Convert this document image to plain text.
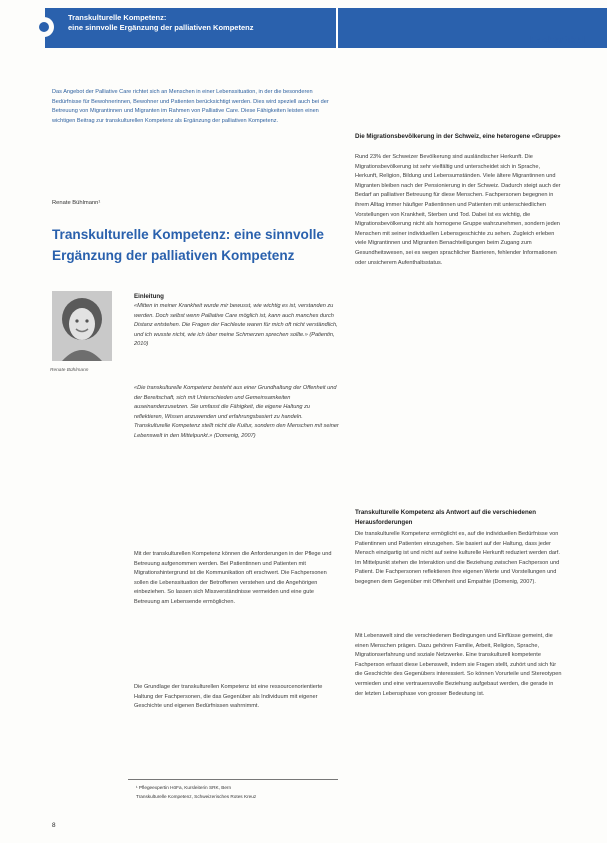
Transkulturelle Kompetenz:
eine sinnvolle Ergänzung der palliativen Kompetenz
Fachartikel
Das Angebot der Palliative Care richtet sich an Menschen in einer Lebenssituation, in der die besonderen Bedürfnisse für Bewohnerinnen, Bewohner und Patienten berücksichtigt werden. Dies wird speziell auch bei der Betreuung von Migrantinnen und Migranten im Rahmen von Palliative Care. Diese Fähigkeiten leisten einen wichtigen Beitrag zur transkulturellen Kompetenz als Ergänzung der palliativen Kompetenz.
Renate Bühlmann¹
Transkulturelle Kompetenz: eine sinnvolle Ergänzung der palliativen Kompetenz
Renate Bühlmann
Einleitung
«Mitten in meiner Krankheit wurde mir bewusst, wie wichtig es ist, verstanden zu werden. Doch selbst wenn Palliative Care möglich ist, kann auch manches durch Distanz entstehen. Die Fragen der Fachleute waren für mich oft nicht verständlich, und ich wusste nicht, wie ich über meine Schmerzen sprechen sollte.» (Patientin, 2010)
«Die transkulturelle Kompetenz besteht aus einer Grundhaltung der Offenheit und der Bereitschaft, sich mit Unterschieden und Gemeinsamkeiten auseinanderzusetzen. Sie umfasst die Fähigkeit, die eigene Haltung zu reflektieren, Wissen anzuwenden und erfahrungsbasiert zu handeln. Transkulturelle Kompetenz stellt nicht die Kultur, sondern den Menschen mit seiner Lebenswelt in den Mittelpunkt.» (Domenig, 2007)
Mit der transkulturellen Kompetenz können die Anforderungen in der Pflege und Betreuung aufgenommen werden. Bei Patientinnen und Patienten mit Migrationshintergrund ist die Kommunikation oft erschwert. Die Fachpersonen sollen die Lebenssituation der Betroffenen verstehen und die Angehörigen einbeziehen. So lassen sich Missverständnisse vermeiden und eine gute Betreuung am Lebensende ermöglichen.
Die Grundlage der transkulturellen Kompetenz ist eine ressourcenorientierte Haltung der Fachpersonen, die das Gegenüber als Individuum mit eigener Geschichte und eigenen Bedürfnissen wahrnimmt.
¹ Pflegeexpertin HöFa, Kursleiterin SRK, Bern
Transkulturelle Kompetenz, Schweizerisches Rotes Kreuz
Die Migrationsbevölkerung in der Schweiz, eine heterogene «Gruppe»
Rund 23% der Schweizer Bevölkerung sind ausländischer Herkunft. Die Migrationsbevölkerung ist sehr vielfältig und unterscheidet sich in Sprache, Herkunft, Religion, Bildung und Lebensumständen. Viele ältere Migrantinnen und Migranten bleiben nach der Pensionierung in der Schweiz. Dadurch steigt auch der Bedarf an palliativer Betreuung für diese Menschen. Fachpersonen begegnen in ihrem Alltag immer häufiger Patientinnen und Patienten mit unterschiedlichen Vorstellungen von Krankheit, Sterben und Tod. Dabei ist es wichtig, die Migrationsbevölkerung nicht als homogene Gruppe wahrzunehmen, sondern jeden Menschen mit seiner individuellen Lebensgeschichte zu sehen. Zugleich erleben viele Migrantinnen und Migranten Benachteiligungen beim Zugang zum Gesundheitswesen, sei es wegen sprachlicher Barrieren, fehlender Informationen oder unsicherem Aufenthaltsstatus.
Transkulturelle Kompetenz als Antwort auf die verschiedenen Herausforderungen
Die transkulturelle Kompetenz ermöglicht es, auf die individuellen Bedürfnisse von Patientinnen und Patienten einzugehen. Sie basiert auf der Haltung, dass jeder Mensch einzigartig ist und nicht auf seine kulturelle Herkunft reduziert werden darf. Im Mittelpunkt stehen die Interaktion und die Beziehung zwischen Fachperson und Patient. Die Fachpersonen reflektieren ihre eigenen Werte und Vorstellungen und begegnen dem Gegenüber mit Offenheit und Empathie (Domenig, 2007).
Mit Lebenswelt sind die verschiedenen Bedingungen und Einflüsse gemeint, die einen Menschen prägen. Dazu gehören Familie, Arbeit, Religion, Sprache, Migrationserfahrung und soziale Netzwerke. Eine transkulturell kompetente Fachperson erfasst diese Lebenswelt, indem sie Fragen stellt, zuhört und sich für die Geschichte des Gegenübers interessiert. So können Vorurteile und Stereotypen vermieden und eine vertrauensvolle Beziehung aufgebaut werden, die gerade in der letzten Lebensphase von grosser Bedeutung ist.
8
